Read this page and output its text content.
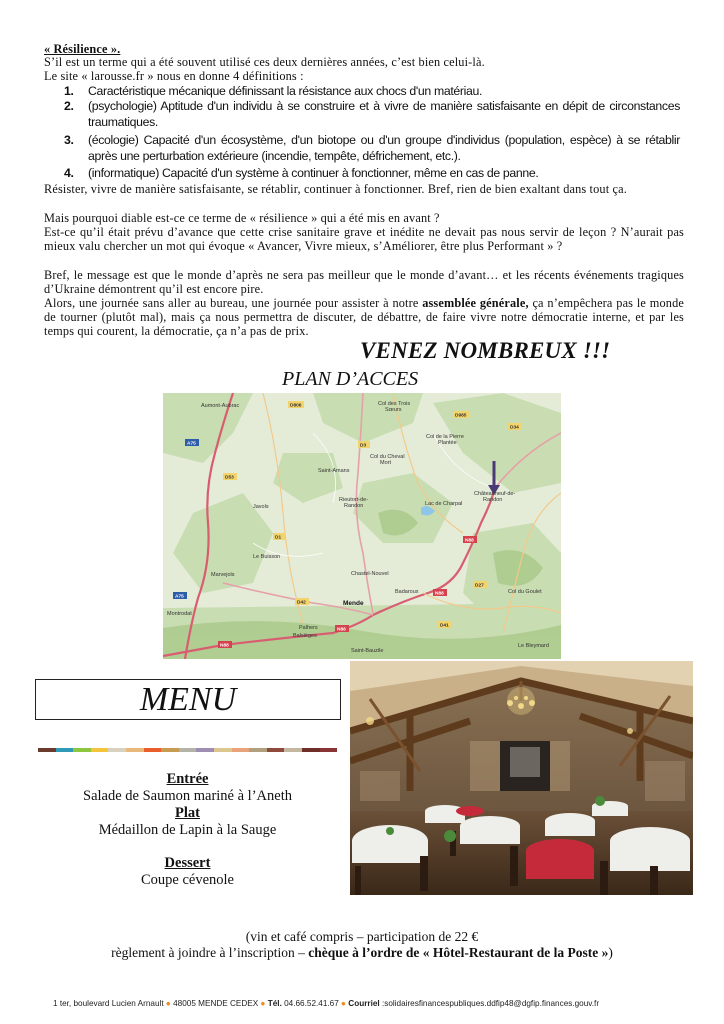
« Résilience ».
S’il est un terme qui a été souvent utilisé ces deux dernières années, c’est bien celui-là.
Le site « larousse.fr » nous en donne 4 définitions :
1. Caractéristique mécanique définissant la résistance aux chocs d'un matériau.
2. (psychologie) Aptitude d'un individu à se construire et à vivre de manière satisfaisante en dépit de circonstances traumatiques.
3. (écologie) Capacité d'un écosystème, d'un biotope ou d'un groupe d'individus (population, espèce) à se rétablir après une perturbation extérieure (incendie, tempête, défrichement, etc.).
4. (informatique) Capacité d'un système à continuer à fonctionner, même en cas de panne.
Résister, vivre de manière satisfaisante, se rétablir, continuer à fonctionner. Bref, rien de bien exaltant dans tout ça.
Mais pourquoi diable est-ce ce terme de « résilience » qui a été mis en avant ?
Est-ce qu’il était prévu d’avance que cette crise sanitaire grave et inédite ne devait pas nous servir de leçon ? N’aurait pas mieux valu chercher un mot qui évoque « Avancer, Vivre mieux, s’Améliorer, être plus Performant » ?
Bref, le message est que le monde d’après ne sera pas meilleur que le monde d’avant… et les récents événements tragiques d’Ukraine démontrent qu’il est encore pire.
Alors, une journée sans aller au bureau, une journée pour assister à notre assemblée générale, ça n’empêchera pas le monde de tourner (plutôt mal), mais ça nous permettra de discuter, de débattre, de faire vivre notre démocratie interne, et par les temps qui courent, la démocratie, ça n’a pas de prix.
VENEZ NOMBREUX !!!
PLAN D’ACCES
Aumont-Aubrac	Col des Trois
Sœurs
Col de la Pierre
Plantée
Saint-Amans
Col du Cheval
Mort
Châteauneuf-de-
Randon
Lac de Charpal
Rieutort-de-
Randon
Marvejols	Chastel-Nouvel
Mende
Badaroux	Col du Goulet
Le Bleymard
Montrodat
Palhers
Balsièges
Saint-Bauzile
Le Buisson
Javols
A75
A75
N88
N88
N88
N88
D806
D985
D3
D1
D42
D27
D41
D53
D34
MENU
Entrée
Salade de Saumon mariné à l’Aneth
Plat
Médaillon de Lapin à la Sauge
Dessert
Coupe cévenole
(vin et café compris – participation de 22 €
règlement à joindre à l’inscription – chèque à l’ordre de « Hôtel-Restaurant de la Poste »)
1 ter, boulevard Lucien Arnault ● 48005 MENDE CEDEX ● Tél. 04.66.52.41.67 ● Courriel :solidairesfinancespubliques.ddfip48@dgfip.finances.gouv.fr
